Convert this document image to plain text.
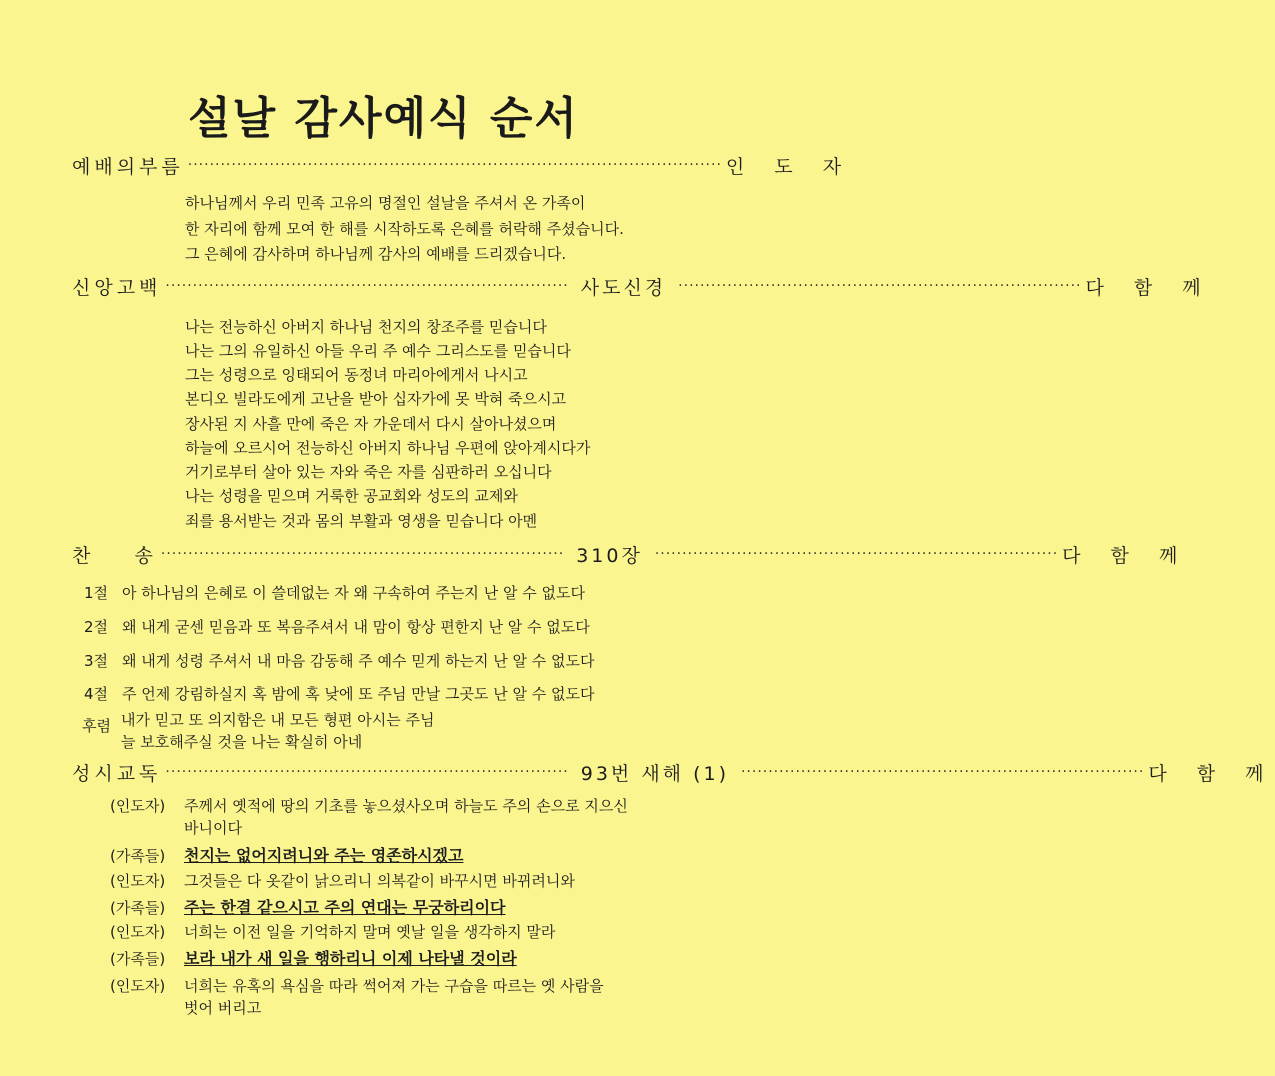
설날 감사예식 순서
예배의부름 ·································································································· 인 도 자
하나님께서 우리 민족 고유의 명절인 설날을 주셔서 온 가족이
한 자리에 함께 모여 한 해를 시작하도록 은혜를 허락해 주셨습니다.
그 은혜에 감사하며 하나님께 감사의 예배를 드리겠습니다.
신앙고백 ·········································································· 사도신경 ·········································································· 다 함 께
나는 전능하신 아버지 하나님 천지의 창조주를 믿습니다
나는 그의 유일하신 아들 우리 주 예수 그리스도를 믿습니다
그는 성령으로 잉태되어 동정녀 마리아에게서 나시고
본디오 빌라도에게 고난을 받아 십자가에 못 박혀 죽으시고
장사된 지 사흘 만에 죽은 자 가운데서 다시 살아나셨으며
하늘에 오르시어 전능하신 아버지 하나님 우편에 앉아계시다가
거기로부터 살아 있는 자와 죽은 자를 심판하러 오십니다
나는 성령을 믿으며 거룩한 공교회와 성도의 교제와
죄를 용서받는 것과 몸의 부활과 영생을 믿습니다 아멘
찬    송 ·········································································· 310장 ·········································································· 다 함 께
1절 아 하나님의 은혜로 이 쓸데없는 자 왜 구속하여 주는지 난 알 수 없도다
2절 왜 내게 굳센 믿음과 또 복음주셔서 내 맘이 항상 편한지 난 알 수 없도다
3절 왜 내게 성령 주셔서 내 마음 감동해 주 예수 믿게 하는지 난 알 수 없도다
4절 주 언제 강림하실지 혹 밤에 혹 낮에 또 주님 만날 그곳도 난 알 수 없도다
후렴 내가 믿고 또 의지함은 내 모든 형편 아시는 주님
늘 보호해주실 것을 나는 확실히 아네
성시교독 ·········································································· 93번 새해 (1) ·········································································· 다 함 께
(인도자) 주께서 옛적에 땅의 기초를 놓으셨사오며 하늘도 주의 손으로 지으신
바니이다
(가족들) 천지는 없어지려니와 주는 영존하시겠고
(인도자) 그것들은 다 옷같이 낡으리니 의복같이 바꾸시면 바뀌려니와
(가족들) 주는 한결 같으시고 주의 연대는 무궁하리이다
(인도자) 너희는 이전 일을 기억하지 말며 옛날 일을 생각하지 말라
(가족들) 보라 내가 새 일을 행하리니 이제 나타낼 것이라
(인도자) 너희는 유혹의 욕심을 따라 썩어져 가는 구습을 따르는 옛 사람을
벗어 버리고
